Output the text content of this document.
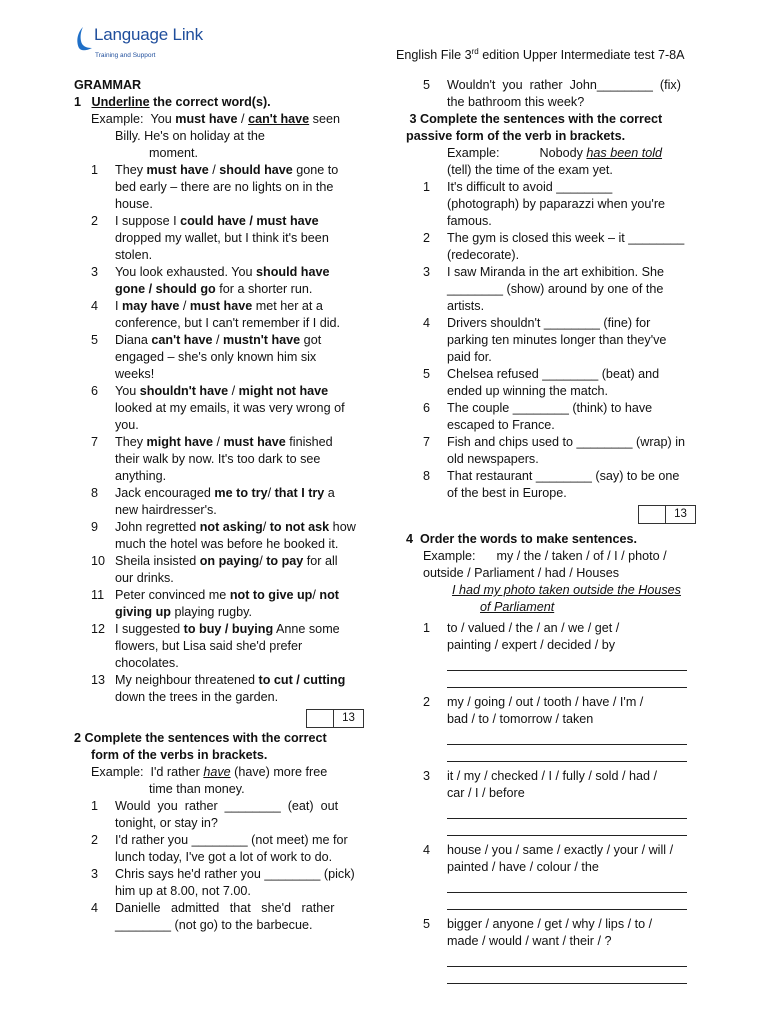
Language Link
Training and Support	English File 3rd edition Upper Intermediate test 7-8A
GRAMMAR
1 Underline the correct word(s).
Example: You must have / can't have seen
Billy. He's on holiday at the
moment.
1 They must have / should have gone to
bed early – there are no lights on in the
house.
2 I suppose I could have / must have
dropped my wallet, but I think it's been
stolen.
3 You look exhausted. You should have
gone / should go for a shorter run.
4 I may have / must have met her at a
conference, but I can't remember if I did.
5 Diana can't have / mustn't have got
engaged – she's only known him six
weeks!
6 You shouldn't have / might not have
looked at my emails, it was very wrong of
you.
7 They might have / must have finished
their walk by now. It's too dark to see
anything.
8 Jack encouraged me to try/ that I try a
new hairdresser's.
9 John regretted not asking/ to not ask how
much the hotel was before he booked it.
10 Sheila insisted on paying/ to pay for all
our drinks.
11 Peter convinced me not to give up/ not
giving up playing rugby.
12 I suggested to buy / buying Anne some
flowers, but Lisa said she'd prefer
chocolates.
13 My neighbour threatened to cut / cutting
down the trees in the garden.
13
2 Complete the sentences with the correct
form of the verbs in brackets.
Example: I'd rather have (have) more free
time than money.
1 Would  you  rather  ________  (eat)  out
tonight, or stay in?
2 I'd rather you ________ (not meet) me for
lunch today, I've got a lot of work to do.
3 Chris says he'd rather you ________ (pick)
him up at 8.00, not 7.00.
4 Danielle   admitted   that   she'd   rather
________ (not go) to the barbecue.
5 Wouldn't  you  rather  John________  (fix)
the bathroom this week?
3 Complete the sentences with the correct
passive form of the verb in brackets.
Example:	Nobody has been told
(tell) the time of the exam yet.
1 It's difficult to avoid ________
(photograph) by paparazzi when you're
famous.
2 The gym is closed this week – it ________
(redecorate).
3 I saw Miranda in the art exhibition. She
________ (show) around by one of the
artists.
4 Drivers shouldn't ________ (fine) for
parking ten minutes longer than they've
paid for.
5 Chelsea refused ________ (beat) and
ended up winning the match.
6 The couple ________ (think) to have
escaped to France.
7 Fish and chips used to ________ (wrap) in
old newspapers.
8 That restaurant ________ (say) to be one
of the best in Europe.
13
4 Order the words to make sentences.
Example: my / the / taken / of / I / photo /
outside / Parliament / had / Houses
I had my photo taken outside the Houses
of Parliament
1 to / valued / the / an / we / get /
painting / expert / decided / by
2 my / going / out / tooth / have / I'm /
bad / to / tomorrow / taken
3 it / my / checked / I / fully / sold / had /
car / I / before
4 house / you / same / exactly / your / will /
painted / have / colour / the
5 bigger / anyone / get / why / lips / to /
made / would / want / their / ?
